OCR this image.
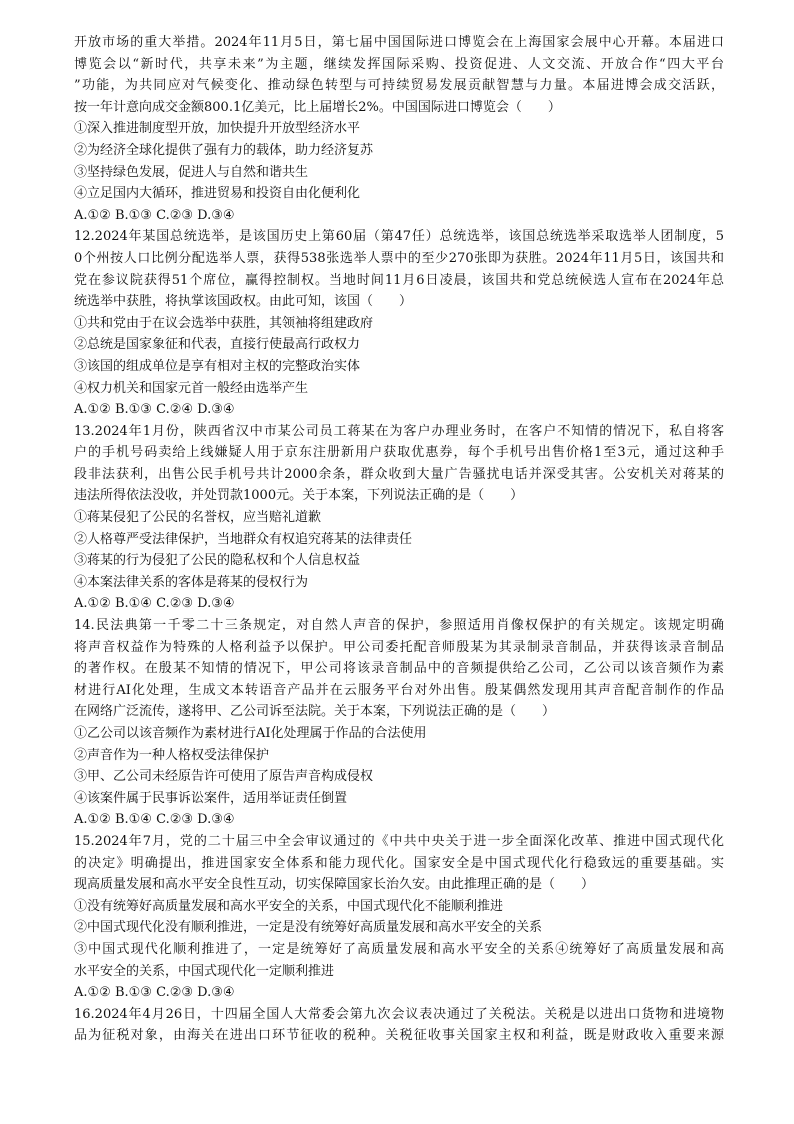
开放市场的重大举措。2024年11月5日，第七届中国国际进口博览会在上海国家会展中心开幕。本届进口
博览会以“新时代，共享未来”为主题，继续发挥国际采购、投资促进、人文交流、开放合作“四大平台
”功能，为共同应对气候变化、推动绿色转型与可持续贸易发展贡献智慧与力量。本届进博会成交活跃，
按一年计意向成交金额800.1亿美元，比上届增长2%。中国国际进口博览会（　　）
①深入推进制度型开放，加快提升开放型经济水平
②为经济全球化提供了强有力的载体，助力经济复苏
③坚持绿色发展，促进人与自然和谐共生
④立足国内大循环，推进贸易和投资自由化便利化
A.①② B.①③ C.②③ D.③④
12.2024年某国总统选举，是该国历史上第60届（第47任）总统选举，该国总统选举采取选举人团制度，5
0个州按人口比例分配选举人票，获得538张选举人票中的至少270张即为获胜。2024年11月5日，该国共和
党在参议院获得51个席位，赢得控制权。当地时间11月6日凌晨，该国共和党总统候选人宣布在2024年总
统选举中获胜，将执掌该国政权。由此可知，该国（　　）
①共和党由于在议会选举中获胜，其领袖将组建政府
②总统是国家象征和代表，直接行使最高行政权力
③该国的组成单位是享有相对主权的完整政治实体
④权力机关和国家元首一般经由选举产生
A.①② B.①③ C.②④ D.③④
13.2024年1月份，陕西省汉中市某公司员工蒋某在为客户办理业务时，在客户不知情的情况下，私自将客
户的手机号码卖给上线嫌疑人用于京东注册新用户获取优惠券，每个手机号出售价格1至3元，通过这种手
段非法获利，出售公民手机号共计2000余条，群众收到大量广告骚扰电话并深受其害。公安机关对蒋某的
违法所得依法没收，并处罚款1000元。关于本案，下列说法正确的是（　　）
①蒋某侵犯了公民的名誉权，应当赔礼道歉
②人格尊严受法律保护，当地群众有权追究蒋某的法律责任
③蒋某的行为侵犯了公民的隐私权和个人信息权益
④本案法律关系的客体是蒋某的侵权行为
A.①② B.①④ C.②③ D.③④
14.民法典第一千零二十三条规定，对自然人声音的保护，参照适用肖像权保护的有关规定。该规定明确
将声音权益作为特殊的人格利益予以保护。甲公司委托配音师殷某为其录制录音制品，并获得该录音制品
的著作权。在殷某不知情的情况下，甲公司将该录音制品中的音频提供给乙公司，乙公司以该音频作为素
材进行AI化处理，生成文本转语音产品并在云服务平台对外出售。殷某偶然发现用其声音配音制作的作品
在网络广泛流传，遂将甲、乙公司诉至法院。关于本案，下列说法正确的是（　　）
①乙公司以该音频作为素材进行AI化处理属于作品的合法使用
②声音作为一种人格权受法律保护
③甲、乙公司未经原告许可使用了原告声音构成侵权
④该案件属于民事诉讼案件，适用举证责任倒置
A.①② B.①④ C.②③ D.③④
15.2024年7月，党的二十届三中全会审议通过的《中共中央关于进一步全面深化改革、推进中国式现代化
的决定》明确提出，推进国家安全体系和能力现代化。国家安全是中国式现代化行稳致远的重要基础。实
现高质量发展和高水平安全良性互动，切实保障国家长治久安。由此推理正确的是（　　）
①没有统筹好高质量发展和高水平安全的关系，中国式现代化不能顺利推进
②中国式现代化没有顺利推进，一定是没有统筹好高质量发展和高水平安全的关系
③中国式现代化顺利推进了，一定是统筹好了高质量发展和高水平安全的关系④统筹好了高质量发展和高
水平安全的关系，中国式现代化一定顺利推进
A.①② B.①③ C.②③ D.③④
16.2024年4月26日，十四届全国人大常委会第九次会议表决通过了关税法。关税是以进出口货物和进境物
品为征税对象，由海关在进出口环节征收的税种。关税征收事关国家主权和利益，既是财政收入重要来源
